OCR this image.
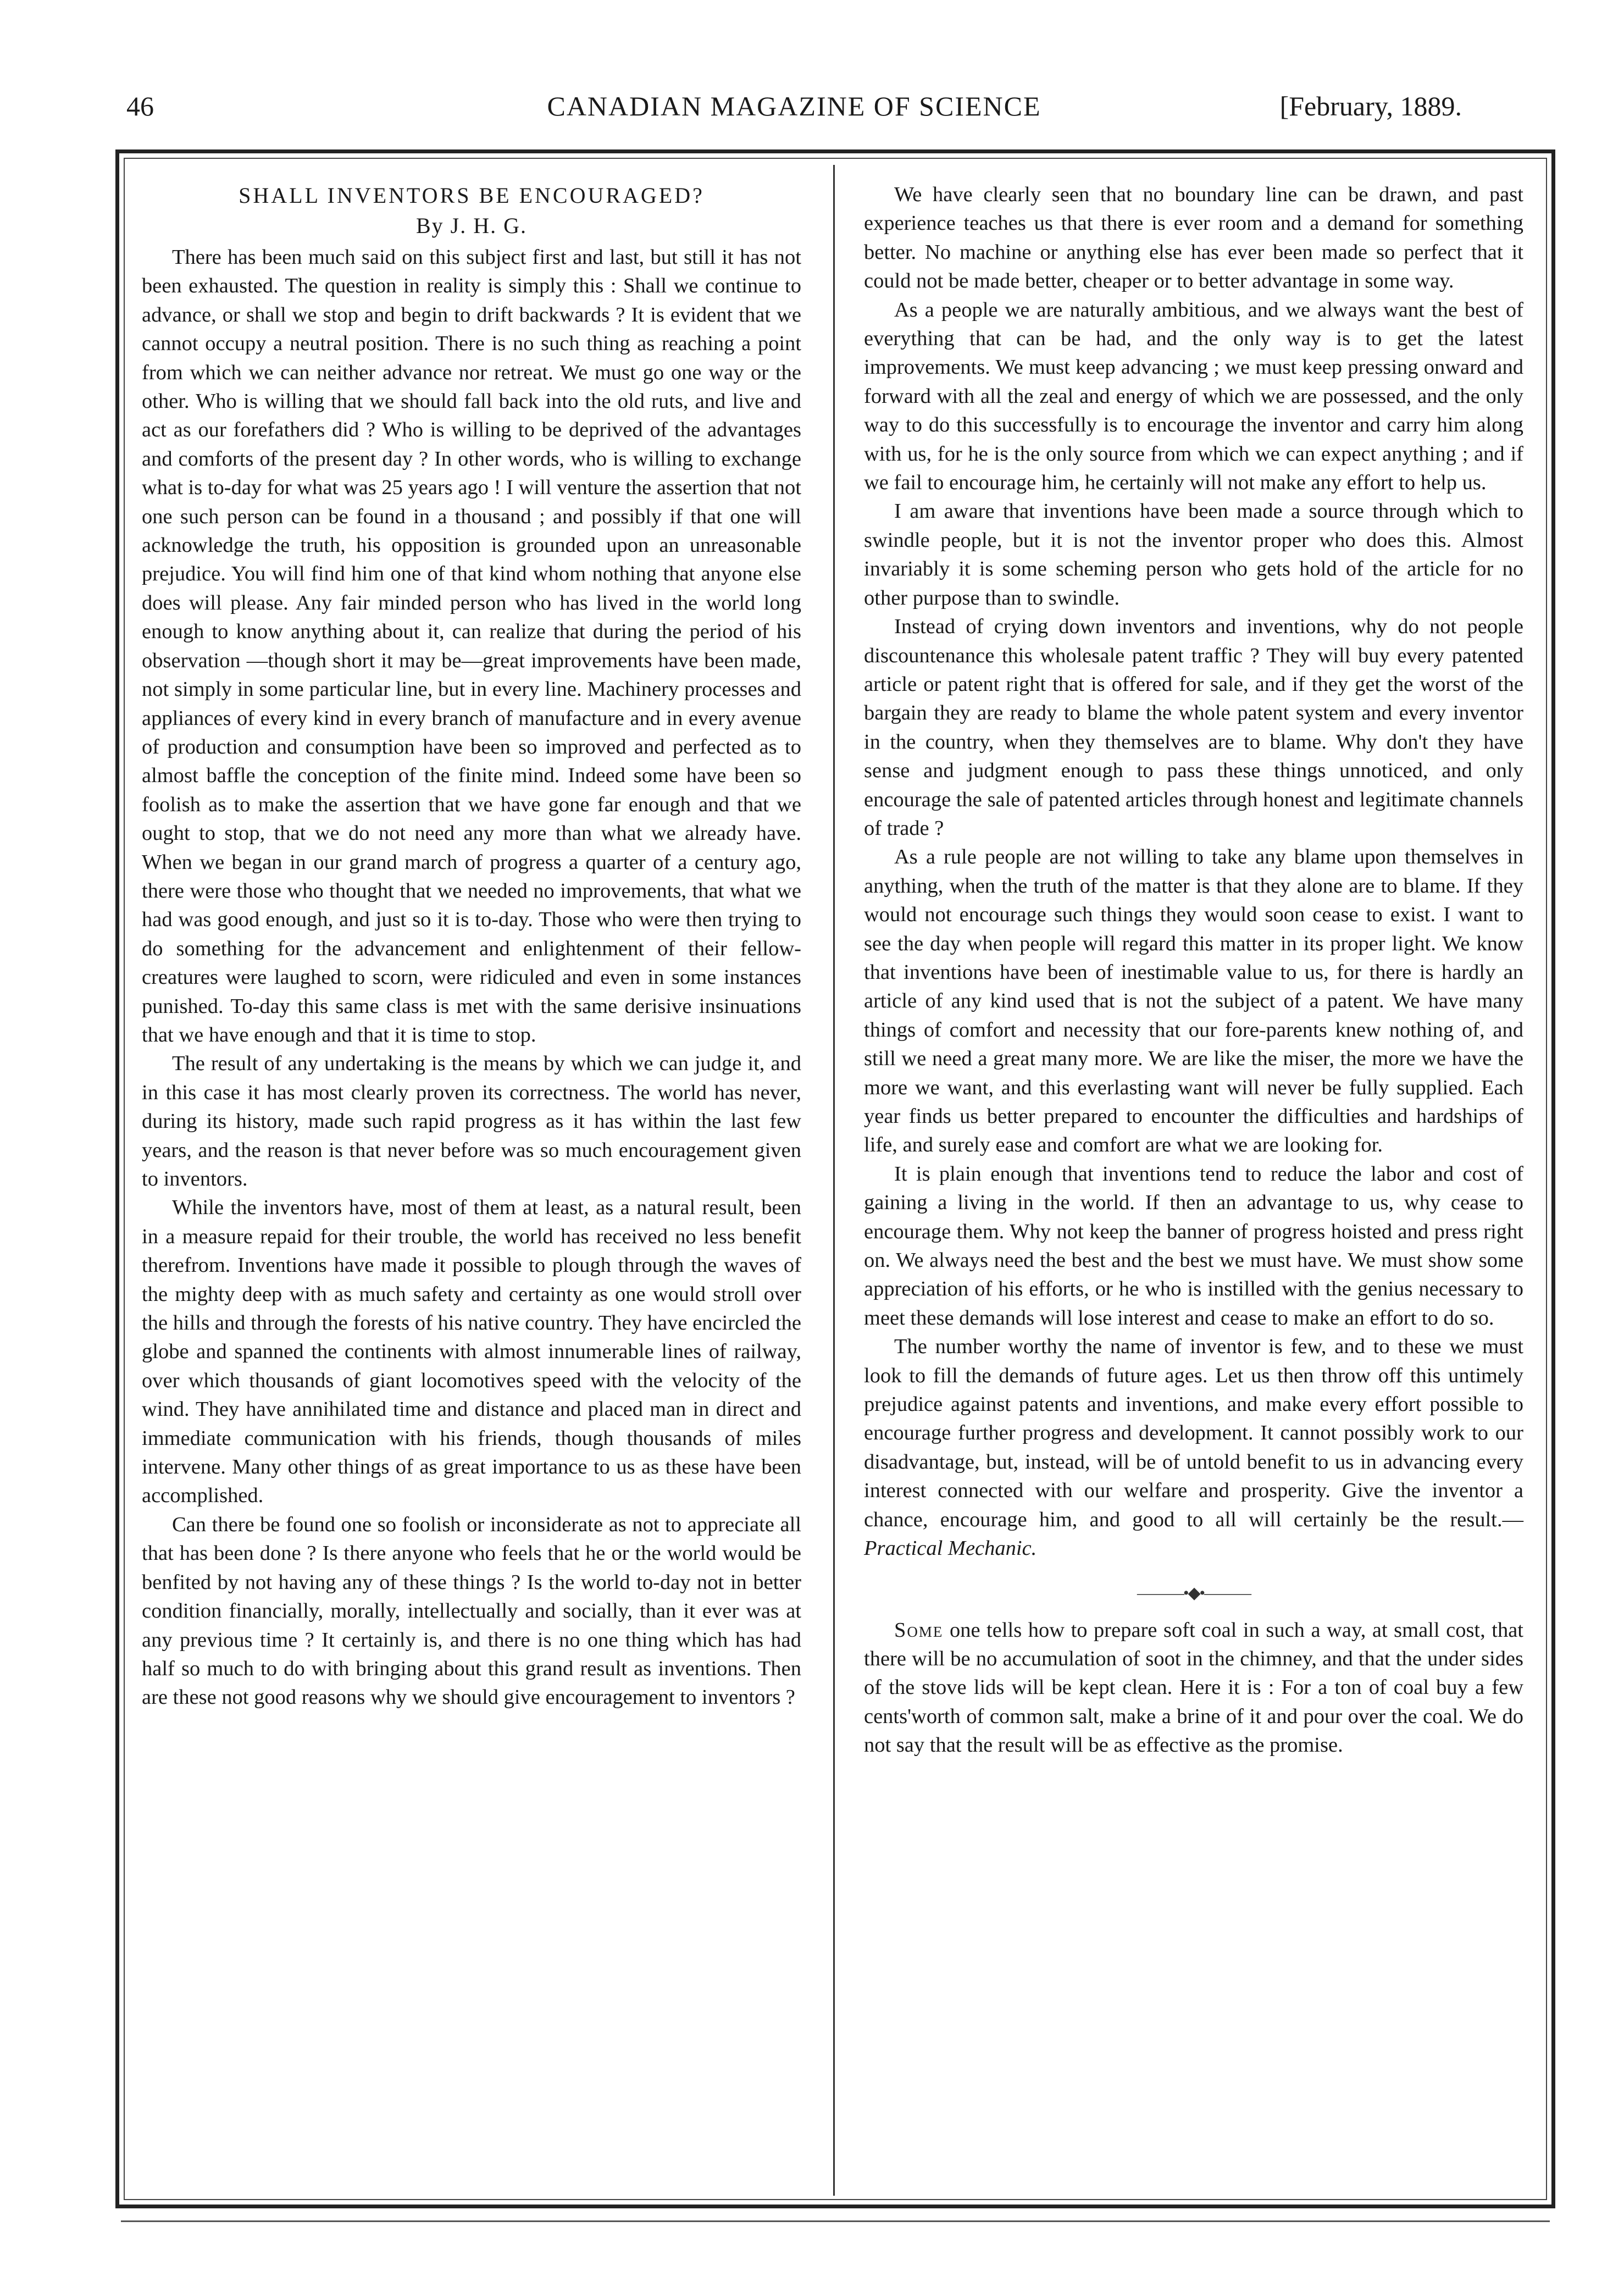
46	CANADIAN MAGAZINE OF SCIENCE	[February, 1889.
SHALL INVENTORS BE ENCOURAGED?
By J. H. G.

There has been much said on this subject first and last, but still it has not been exhausted. The question in reality is simply this : Shall we continue to advance, or shall we stop and begin to drift backwards ? It is evident that we cannot occupy a neutral position. There is no such thing as reaching a point from which we can neither advance nor retreat. We must go one way or the other. Who is willing that we should fall back into the old ruts, and live and act as our forefathers did ? Who is willing to be deprived of the advantages and comforts of the present day ? In other words, who is willing to exchange what is to-day for what was 25 years ago ! I will venture the assertion that not one such person can be found in a thousand ; and possibly if that one will acknowledge the truth, his opposition is grounded upon an unreasonable prejudice. You will find him one of that kind whom nothing that anyone else does will please. Any fair minded person who has lived in the world long enough to know anything about it, can realize that during the period of his observation —though short it may be—great improvements have been made, not simply in some particular line, but in every line. Machinery processes and appliances of every kind in every branch of manufacture and in every avenue of production and consumption have been so improved and perfected as to almost baffle the conception of the finite mind. Indeed some have been so foolish as to make the assertion that we have gone far enough and that we ought to stop, that we do not need any more than what we already have. When we began in our grand march of progress a quarter of a century ago, there were those who thought that we needed no improvements, that what we had was good enough, and just so it is to-day. Those who were then trying to do something for the advancement and enlightenment of their fellow-creatures were laughed to scorn, were ridiculed and even in some instances punished. To-day this same class is met with the same derisive insinuations that we have enough and that it is time to stop.

The result of any undertaking is the means by which we can judge it, and in this case it has most clearly proven its correctness. The world has never, during its history, made such rapid progress as it has within the last few years, and the reason is that never before was so much encouragement given to inventors.

While the inventors have, most of them at least, as a natural result, been in a measure repaid for their trouble, the world has received no less benefit therefrom. Inventions have made it possible to plough through the waves of the mighty deep with as much safety and certainty as one would stroll over the hills and through the forests of his native country. They have encircled the globe and spanned the continents with almost innumerable lines of railway, over which thousands of giant locomotives speed with the velocity of the wind. They have annihilated time and distance and placed man in direct and immediate communication with his friends, though thousands of miles intervene. Many other things of as great importance to us as these have been accomplished.

Can there be found one so foolish or inconsiderate as not to appreciate all that has been done ? Is there anyone who feels that he or the world would be benfited by not having any of these things ? Is the world to-day not in better condition financially, morally, intellectually and socially, than it ever was at any previous time ? It certainly is, and there is no one thing which has had half so much to do with bringing about this grand result as inventions. Then are these not good reasons why we should give encouragement to inventors ?

We have clearly seen that no boundary line can be drawn, and past experience teaches us that there is ever room and a demand for something better. No machine or anything else has ever been made so perfect that it could not be made better, cheaper or to better advantage in some way.

As a people we are naturally ambitious, and we always want the best of everything that can be had, and the only way is to get the latest improvements. We must keep advancing ; we must keep pressing onward and forward with all the zeal and energy of which we are possessed, and the only way to do this successfully is to encourage the inventor and carry him along with us, for he is the only source from which we can expect anything ; and if we fail to encourage him, he certainly will not make any effort to help us.

I am aware that inventions have been made a source through which to swindle people, but it is not the inventor proper who does this. Almost invariably it is some scheming person who gets hold of the article for no other purpose than to swindle.

Instead of crying down inventors and inventions, why do not people discountenance this wholesale patent traffic ? They will buy every patented article or patent right that is offered for sale, and if they get the worst of the bargain they are ready to blame the whole patent system and every inventor in the country, when they themselves are to blame. Why don't they have sense and judgment enough to pass these things unnoticed, and only encourage the sale of patented articles through honest and legitimate channels of trade ?

As a rule people are not willing to take any blame upon themselves in anything, when the truth of the matter is that they alone are to blame. If they would not encourage such things they would soon cease to exist. I want to see the day when people will regard this matter in its proper light. We know that inventions have been of inestimable value to us, for there is hardly an article of any kind used that is not the subject of a patent. We have many things of comfort and necessity that our fore-parents knew nothing of, and still we need a great many more. We are like the miser, the more we have the more we want, and this everlasting want will never be fully supplied. Each year finds us better prepared to encounter the difficulties and hardships of life, and surely ease and comfort are what we are looking for.

It is plain enough that inventions tend to reduce the labor and cost of gaining a living in the world. If then an advantage to us, why cease to encourage them. Why not keep the banner of progress hoisted and press right on. We always need the best and the best we must have. We must show some appreciation of his efforts, or he who is instilled with the genius necessary to meet these demands will lose interest and cease to make an effort to do so.

The number worthy the name of inventor is few, and to these we must look to fill the demands of future ages. Let us then throw off this untimely prejudice against patents and inventions, and make every effort possible to encourage further progress and development. It cannot possibly work to our disadvantage, but, instead, will be of untold benefit to us in advancing every interest connected with our welfare and prosperity. Give the inventor a chance, encourage him, and good to all will certainly be the result.—Practical Mechanic.

———•◆•———

Some one tells how to prepare soft coal in such a way, at small cost, that there will be no accumulation of soot in the chimney, and that the under sides of the stove lids will be kept clean. Here it is : For a ton of coal buy a few cents'worth of common salt, make a brine of it and pour over the coal. We do not say that the result will be as effective as the promise.
